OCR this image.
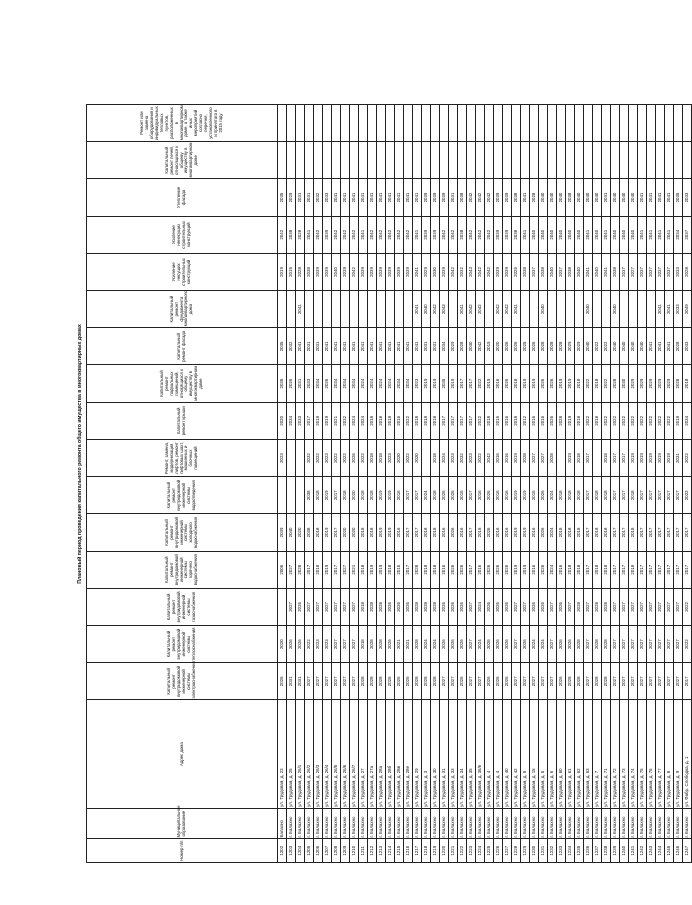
Плановый период проведения капитального ремонта общего имущества в многоквартирных домах
Номер п/п	Муниципальное образование	Адрес дома	Капитальный ремонт внутридомовой инженерной системы электроснабжения	Капитальный ремонт внутридомовой инженерной системы теплоснабжения	Капитальный ремонт внутридомовой инженерной системы газоснабжения	Капитальный ремонт внутридомовой инженерной системы горячего водоснабжения	Капитальный ремонт внутридомовой инженерной системы холодного водоснабжения	Капитальный ремонт внутридомовой инженерной системы водоотведения	Ремонт, замена, модернизация лифтов, ремонт лифтовых шахт, машинных и блочных помещений	Капитальный ремонт крыши	Капитальный ремонт подвальных помещений, относящихся к общему имуществу в многоквартирном доме	Капитальный ремонт фасада	Капитальный ремонт фундамента многоквартирного дома	Усиление несущих строительных конструкций	Усиление ненесущих строительных конструкций	Утепление фасада	Капитальный ремонт печей, относящихся к общему имуществу в многоквартирном доме	Ремонт или замена оборудования и индивидуальных тепловых пунктов, расположенных в многоквартирном доме, а также иных мероприятий согласно перечня, установленного и принятого в 2015 году

1202	Балахно	ул. Трудовая, д. 23	2026	2020		2006	2039		2023	2020	2035	2035		2019	2042	2035		
1203	г. Балахно	ул. Трудовая, д. 25	2031	2026	2027	2027	2040			2034	2026	2032		2015	2038	2029		
1204	г. Балахно	ул. Трудовая, д. 26/1	2031	2026	2026	2028	2020			2033	2031	2041	2041	2028	2028	2031		
1205	г. Балахно	ул. Трудовая, д. 26/2	2027	2022	2027	2017	2038	2038	2032	2017	2033	2031		2038	2041	2031		
1206	г. Балахно	ул. Трудовая, д. 26/3	2027	2023	2027	2018	2018	2018	2022	2018	2034	2031		2039	2042	2032		
1207	г. Балахно	ул. Трудовая, д. 26/4	2027	2023	2027	2019	2019	2019	2023	2019	2026	2041		2039	2039	2033		
1208	г. Балахно	ул. Трудовая, д. 26/5	2027	2027	2027	2017	2017	2017	2022	2021	2034	2041		2040	2042	2041		
1209	г. Балахно	ул. Трудовая, д. 26/6	2027	2027	2027	2027	2020	2018	2022	2032	2034	2041		2039	2042	2041		
1210	г. Балахно	ул. Трудовая, д. 26/7	2027	2027	2027	2021	2020	2020	2026	2024	2034	2041		2042	2042	2041		
1211	г. Балахно	ул. Трудовая, д. 27	2028	2018	2018	2018	2018	2018	2022	2024	2024	2041		2039	2041	2041		
1212	г. Балахно	ул. Трудовая, д. 27а	2028	2028	2028	2019	2018	2018	2018	2018	2024	2041		2039	2042	2041		
1213	г. Балахно	ул. Трудовая, д. 28а	2028	2028	2028	2019	2019	2019	2018	2018	2024	2041		2039	2042	2041		
1214	г. Балахно	ул. Трудовая, д. 28б	2026	2026	2026	2018	2019	2019	2023	2018	2024	2041		2039	2042	2041		
1215	г. Балахно	ул. Трудовая, д. 28в	2026	2021	2026	2016	2016	2016	2020	2016	2034	2041		2039	2042	2041		
1216	г. Балахно	ул. Трудовая, д. 28е	2026	2021	2026	2017	2017	2017	2022	2022	2034	2041		2039	2042	2041		
1217	г. Балахно	ул. Трудовая, д. 29	2028	2028	2028	2028	2017	2017	2020	2018	2023	2041	2041	2041	2041	2041		
1218	г. Балахно	ул. Трудовая, д. 3	2028	2024	2028	2018	2018	2024		2018	2019	2031	2040	2029	2039	2039		
1219	г. Балахно	ул. Трудовая, д. 30	2028	2024	2028	2018	2018	2018	2018	2018	2019	2031	2042	2030	2039	2039		
1220	г. Балахно	ул. Трудовая, д. 31	2027	2026	2026	2016	2016	2026	2024	2017	2035	2034	2043	2039	2042	2039		
1221	г. Балахно	ул. Трудовая, д. 33	2027	2026	2026	2026	2026	2026	2023	2017	2019	2029		2042	2042	2031		
1222	г. Балахно	ул. Трудовая, д. 34	2026	2026	2026	2026	2016	2016	2032	2017	2017	2028	2041	2032	2038	2038		
1223	г. Балахно	ул. Трудовая, д. 35	2027	2027	2027	2017	2017	2017	2023	2017	2017	2030	2042	2043	2042	2042		
1224	г. Балахно	ул. Трудовая, д. 36/6	2027	2024	2024	2016	2016	2016	2022	2022	2022	2042	2042	2042	2042	2042		
1225	г. Балахно	ул. Трудовая, д. 4	2026	2026	2026	2026	2026	2026	2042	2018	2019	2019		2042	2042	2042		
1226	г. Балахно	ул. Трудовая, д. 4	2026	2026	2026	2026	2016	2016	2016	2016	2016	2020	2042	2039	2039	2039		
1227	г. Балахно	ул. Трудовая, д. 40	2026	2026	2026	2026	2016	2016	2016	2016	2026	2026	2042	2039	2039	2039		
1228	г. Балахно	ул. Трудовая, д. 42	2027	2027	2027	2019	2019	2019	2019	2018	2018	2026	2041	2026	2038	2038		
1229	г. Балахно	ул. Трудовая, д. 5	2027	2026	2027	2019	2019	2019	2028	2012	2019	2025		2038	2041	2041		
1230	г. Балахно	ул. Трудовая, д. 15	2027	2024	2026	2016	2016	2016	2027	2016	2019	2026		2037	2040	2028		
1231	г. Балахно	ул. Трудовая, д. 5	2027	2024	2026	2026	2026	2026	2027	2016	2026	2028	2040	2038	2040	2040		
1232	г. Балахно	ул. Трудовая, д. 6	2027	2027	2027	2024	2024	2024	2028	2026	2026	2028		2040	2040	2040		
1233	г. Балахно	ул. Трудовая, д. 60	2026	2026	2026	2016	2018	2018		2028	2019	2028		2037	2040	2040		
1234	г. Балахно	ул. Трудовая, д. 61	2028	2026	2027	2018	2018	2018	2019	2019	2019	2029		2038	2040	2038		
1235	г. Балахно	ул. Трудовая, д. 62	2028	2028	2028	2018	2018	2018	2018	2018	2018	2029		2040	2040	2040		
1236	г. Балахно	ул. Трудовая, д. 63	2027	2027	2027	2017	2017	2017	2017	2022	2022	2040	2040	2041	2041	2040		
1237	г. Балахно	ул. Трудовая, д. 7	2028	2028	2028	2018	2018	2018		2018	2018	2022		2040	2040	2040		
1238	г. Балахно	ул. Трудовая, д. 71	2028	2028	2028	2018	2018	2018	2018	2022	2022	2022		2041	2041	2031		
1239	г. Балахно	ул. Трудовая, д. 72	2027	2027	2027	2017	2017	2017	2017	2022	2028	2040	2040	2038	2040	2040		
1240	г. Балахно	ул. Трудовая, д. 73	2027	2027	2027	2017	2017	2017	2017	2022	2030	2040		2037	2040	2040		
1241	г. Балахно	ул. Трудовая, д. 74	2027	2027	2027	2018	2018	2018	2019	2022	2029	2040		2027	2040	2040		
1242	г. Балахно	ул. Трудовая, д. 75	2027	2027	2027	2017	2017	2017	2019	2022	2029	2040		2037	2041	2041		
1243	г. Балахно	ул. Трудовая, д. 76	2027	2027	2027	2017	2017	2017	2019	2022	2029	2041		2037	2041	2041		
1244	г. Балахно	ул. Трудовая, д. 77	2027	2027	2027	2017	2017	2017	2019	2022	2029	2041	2041	2037	2041	2041		
1245	г. Балахно	ул. Трудовая, д. 8	2027	2027	2027	2017	2017	2017	2019	2022	2029	2041	2041	2037	2041	2041		
1246	г. Балахно	ул. Трудовая, д. 9	2027	2027	2027	2017	2017	2017	2031	2018	2028	2028	2033	2033	2034	2035		
1247	г. Балахно	ул. Фабр. Слободка, д. 1	2017	2022	2022	2017	2017	2022	2022	2034	2018	2033	2049	2028	2037	2033		
